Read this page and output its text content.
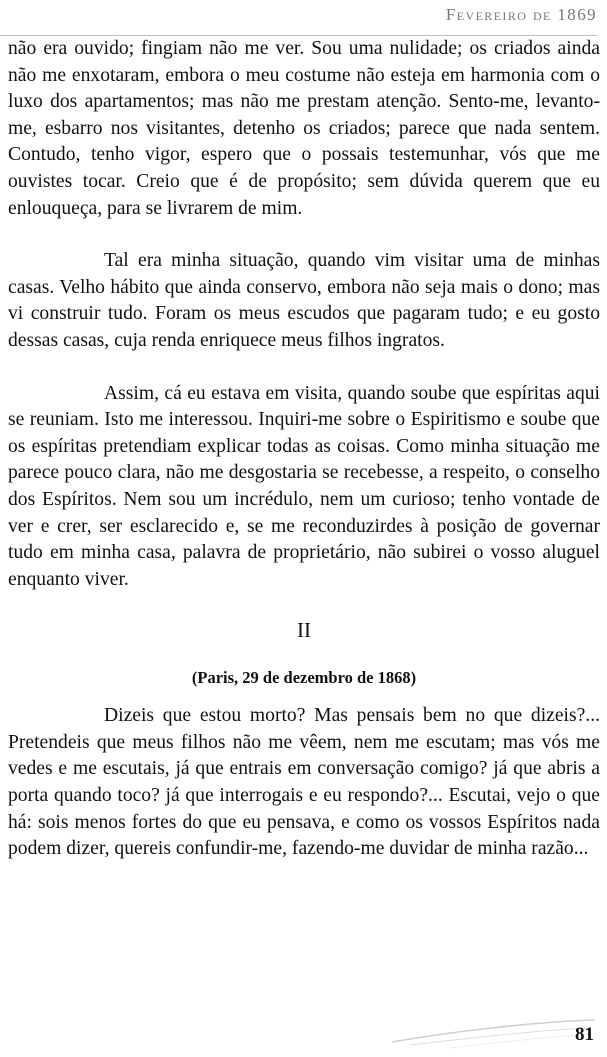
Fevereiro de 1869

não era ouvido; fingiam não me ver. Sou uma nulidade; os criados ainda não me enxotaram, embora o meu costume não esteja em harmonia com o luxo dos apartamentos; mas não me prestam atenção. Sento-me, levanto-me, esbarro nos visitantes, detenho os criados; parece que nada sentem. Contudo, tenho vigor, espero que o possais testemunhar, vós que me ouvistes tocar. Creio que é de propósito; sem dúvida querem que eu enlouqueça, para se livrarem de mim.

Tal era minha situação, quando vim visitar uma de minhas casas. Velho hábito que ainda conservo, embora não seja mais o dono; mas vi construir tudo. Foram os meus escudos que pagaram tudo; e eu gosto dessas casas, cuja renda enriquece meus filhos ingratos.

Assim, cá eu estava em visita, quando soube que espíritas aqui se reuniam. Isto me interessou. Inquiri-me sobre o Espiritismo e soube que os espíritas pretendiam explicar todas as coisas. Como minha situação me parece pouco clara, não me desgostaria se recebesse, a respeito, o conselho dos Espíritos. Nem sou um incrédulo, nem um curioso; tenho vontade de ver e crer, ser esclarecido e, se me reconduzirdes à posição de governar tudo em minha casa, palavra de proprietário, não subirei o vosso aluguel enquanto viver.

II
(Paris, 29 de dezembro de 1868)

Dizeis que estou morto? Mas pensais bem no que dizeis?... Pretendeis que meus filhos não me vêem, nem me escutam; mas vós me vedes e me escutais, já que entrais em conversação comigo? já que abris a porta quando toco? já que interrogais e eu respondo?... Escutai, vejo o que há: sois menos fortes do que eu pensava, e como os vossos Espíritos nada podem dizer, quereis confundir-me, fazendo-me duvidar de minha razão...

81
